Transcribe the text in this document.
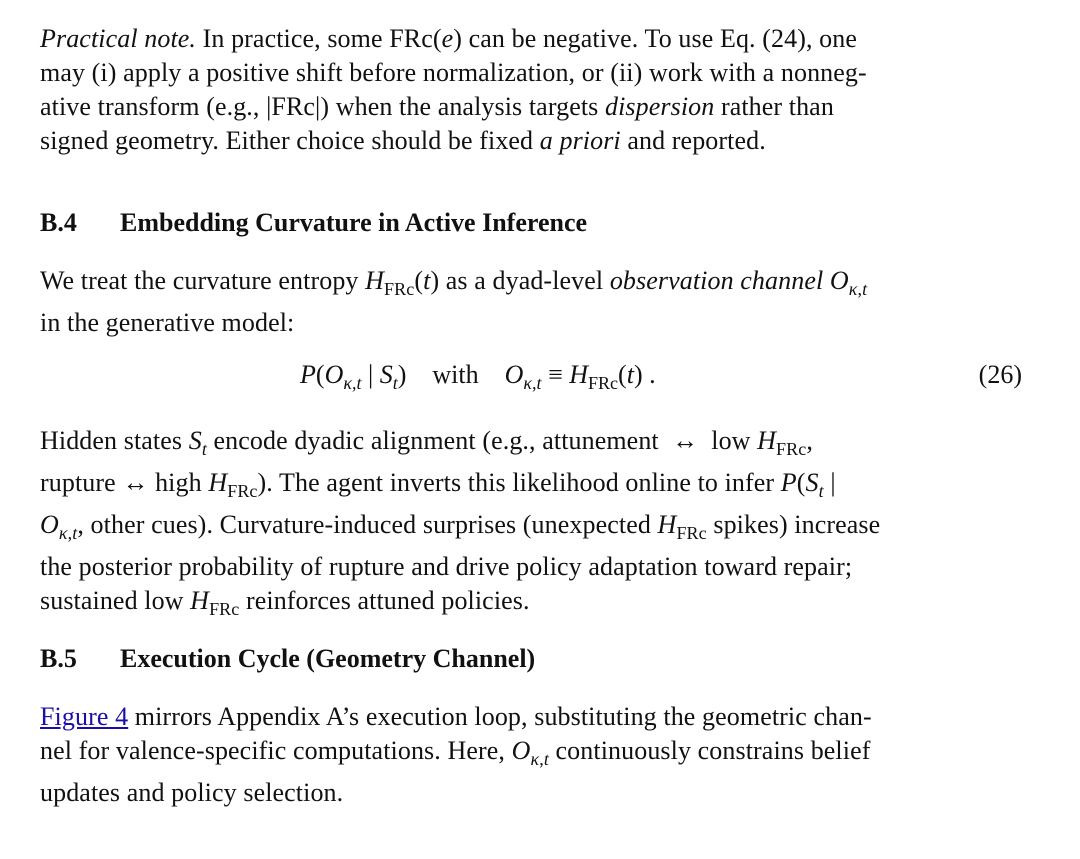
Practical note. In practice, some FRc(e) can be negative. To use Eq. (24), one
may (i) apply a positive shift before normalization, or (ii) work with a nonneg-
ative transform (e.g., |FRc|) when the analysis targets dispersion rather than
signed geometry. Either choice should be fixed a priori and reported.
B.4 Embedding Curvature in Active Inference
We treat the curvature entropy $H_{FRc}(t)$ as a dyad-level observation channel $O_{\kappa,t}$
in the generative model:
$P(O_{\kappa,t}$ | $S_t$)    with    $O_{\kappa,t} \equiv H_{FRc}(t)$ .	(26)
Hidden states $S_t$ encode dyadic alignment (e.g., attunement  ↔  low $H_{FRc}$,
rupture ↔ high $H_{FRc}$). The agent inverts this likelihood online to infer $P(S_t$ |
$O_{\kappa,t}$, other cues). Curvature-induced surprises (unexpected $H_{FRc}$ spikes) increase
the posterior probability of rupture and drive policy adaptation toward repair;
sustained low $H_{FRc}$ reinforces attuned policies.
B.5 Execution Cycle (Geometry Channel)
Figure 4 mirrors Appendix A’s execution loop, substituting the geometric chan-
nel for valence-specific computations. Here, $O_{\kappa,t}$ continuously constrains belief
updates and policy selection.
